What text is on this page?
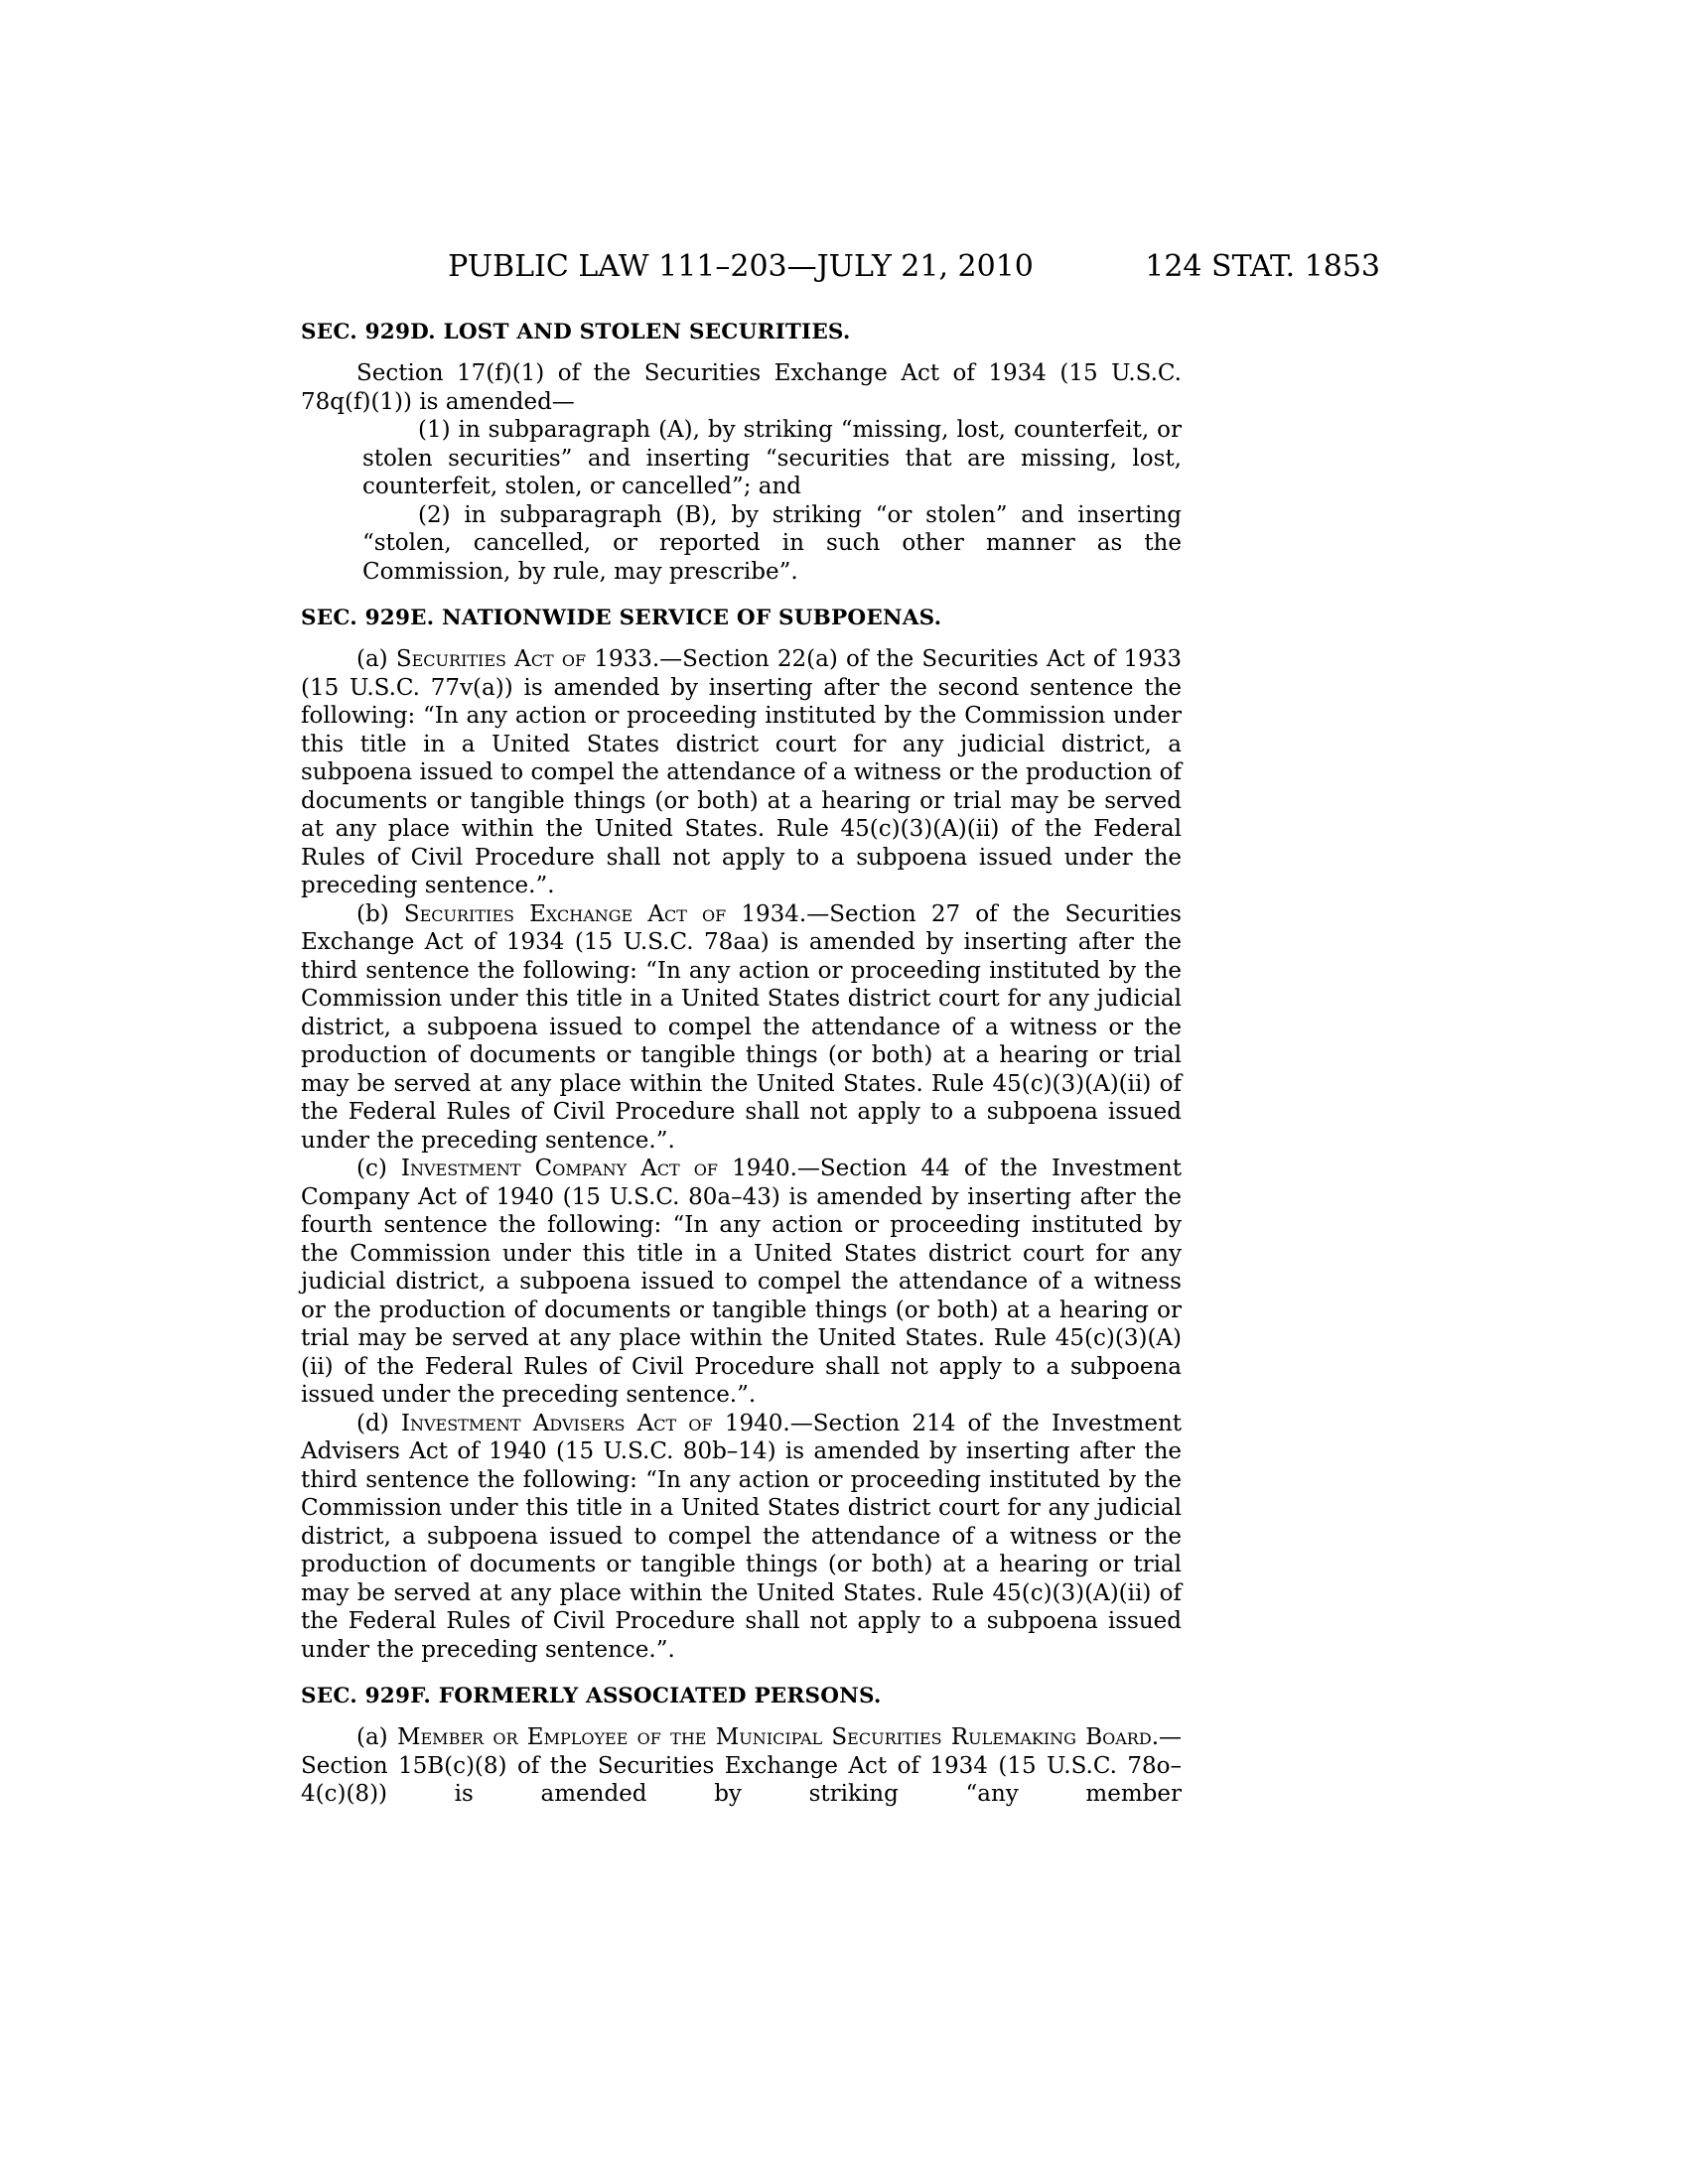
PUBLIC LAW 111–203—JULY 21, 2010	124 STAT. 1853
SEC. 929D. LOST AND STOLEN SECURITIES.

Section 17(f)(1) of the Securities Exchange Act of 1934 (15 U.S.C. 78q(f)(1)) is amended—

(1) in subparagraph (A), by striking “missing, lost, counterfeit, or stolen securities” and inserting “securities that are missing, lost, counterfeit, stolen, or cancelled”; and

(2) in subparagraph (B), by striking “or stolen” and inserting “stolen, cancelled, or reported in such other manner as the Commission, by rule, may prescribe”.

SEC. 929E. NATIONWIDE SERVICE OF SUBPOENAS.

(a) Securities Act of 1933.—Section 22(a) of the Securities Act of 1933 (15 U.S.C. 77v(a)) is amended by inserting after the second sentence the following: “In any action or proceeding instituted by the Commission under this title in a United States district court for any judicial district, a subpoena issued to compel the attendance of a witness or the production of documents or tangible things (or both) at a hearing or trial may be served at any place within the United States. Rule 45(c)(3)(A)(ii) of the Federal Rules of Civil Procedure shall not apply to a subpoena issued under the preceding sentence.”.

(b) Securities Exchange Act of 1934.—Section 27 of the Securities Exchange Act of 1934 (15 U.S.C. 78aa) is amended by inserting after the third sentence the following: “In any action or proceeding instituted by the Commission under this title in a United States district court for any judicial district, a subpoena issued to compel the attendance of a witness or the production of documents or tangible things (or both) at a hearing or trial may be served at any place within the United States. Rule 45(c)(3)(A)(ii) of the Federal Rules of Civil Procedure shall not apply to a subpoena issued under the preceding sentence.”.

(c) Investment Company Act of 1940.—Section 44 of the Investment Company Act of 1940 (15 U.S.C. 80a–43) is amended by inserting after the fourth sentence the following: “In any action or proceeding instituted by the Commission under this title in a United States district court for any judicial district, a subpoena issued to compel the attendance of a witness or the production of documents or tangible things (or both) at a hearing or trial may be served at any place within the United States. Rule 45(c)(3)(A)(ii) of the Federal Rules of Civil Procedure shall not apply to a subpoena issued under the preceding sentence.”.

(d) Investment Advisers Act of 1940.—Section 214 of the Investment Advisers Act of 1940 (15 U.S.C. 80b–14) is amended by inserting after the third sentence the following: “In any action or proceeding instituted by the Commission under this title in a United States district court for any judicial district, a subpoena issued to compel the attendance of a witness or the production of documents or tangible things (or both) at a hearing or trial may be served at any place within the United States. Rule 45(c)(3)(A)(ii) of the Federal Rules of Civil Procedure shall not apply to a subpoena issued under the preceding sentence.”.

SEC. 929F. FORMERLY ASSOCIATED PERSONS.

(a) Member or Employee of the Municipal Securities Rulemaking Board.—Section 15B(c)(8) of the Securities Exchange Act of 1934 (15 U.S.C. 78o–4(c)(8)) is amended by striking “any member
